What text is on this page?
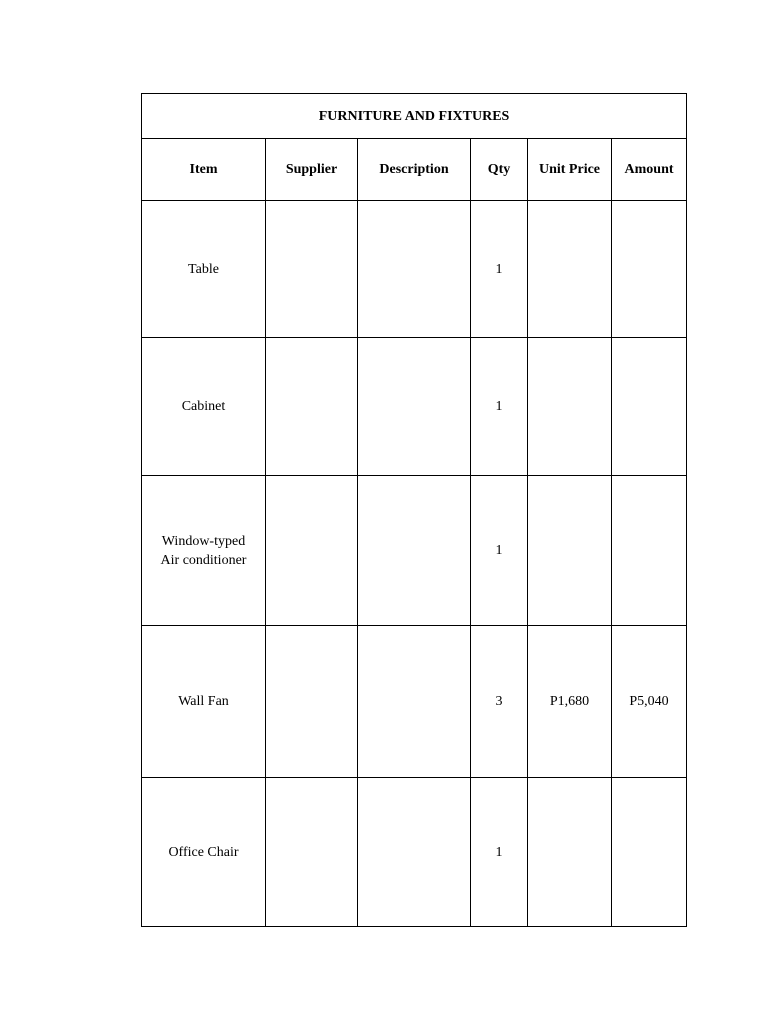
FURNITURE AND FIXTURES					
Item	Supplier	Description	Qty	Unit Price	Amount
Table			1		
Cabinet			1		
Window-typed
Air conditioner			1		
Wall Fan			3	P1,680	P5,040
Office Chair			1		
